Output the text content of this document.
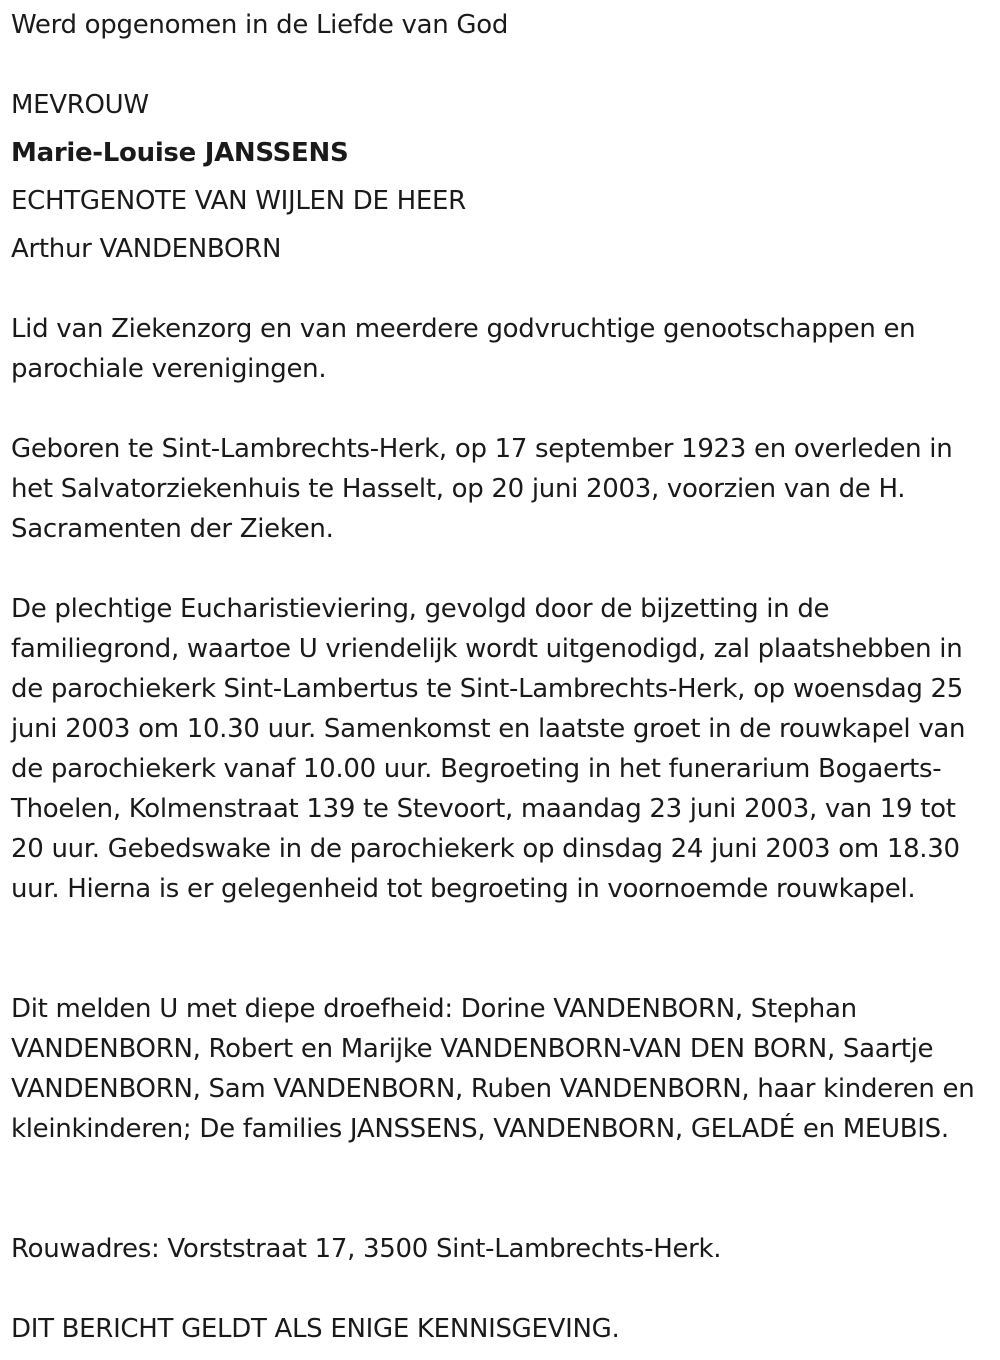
Werd opgenomen in de Liefde van God

MEVROUW

Marie-Louise JANSSENS

ECHTGENOTE VAN WIJLEN DE HEER

Arthur VANDENBORN

Lid van Ziekenzorg en van meerdere godvruchtige genootschappen en parochiale verenigingen.

Geboren te Sint-Lambrechts-Herk, op 17 september 1923 en overleden in het Salvatorziekenhuis te Hasselt, op 20 juni 2003, voorzien van de H. Sacramenten der Zieken.

De plechtige Eucharistieviering, gevolgd door de bijzetting in de familiegrond, waartoe U vriendelijk wordt uitgenodigd, zal plaatshebben in de parochiekerk Sint-Lambertus te Sint-Lambrechts-Herk, op woensdag 25 juni 2003 om 10.30 uur. Samenkomst en laatste groet in de rouwkapel van de parochiekerk vanaf 10.00 uur. Begroeting in het funerarium Bogaerts-Thoelen, Kolmenstraat 139 te Stevoort, maandag 23 juni 2003, van 19 tot 20 uur. Gebedswake in de parochiekerk op dinsdag 24 juni 2003 om 18.30 uur. Hierna is er gelegenheid tot begroeting in voornoemde rouwkapel.

Dit melden U met diepe droefheid: Dorine VANDENBORN, Stephan VANDENBORN, Robert en Marijke VANDENBORN-VAN DEN BORN, Saartje VANDENBORN, Sam VANDENBORN, Ruben VANDENBORN, haar kinderen en kleinkinderen; De families JANSSENS, VANDENBORN, GELADÉ en MEUBIS.

Rouwadres: Vorststraat 17, 3500 Sint-Lambrechts-Herk.

DIT BERICHT GELDT ALS ENIGE KENNISGEVING.
